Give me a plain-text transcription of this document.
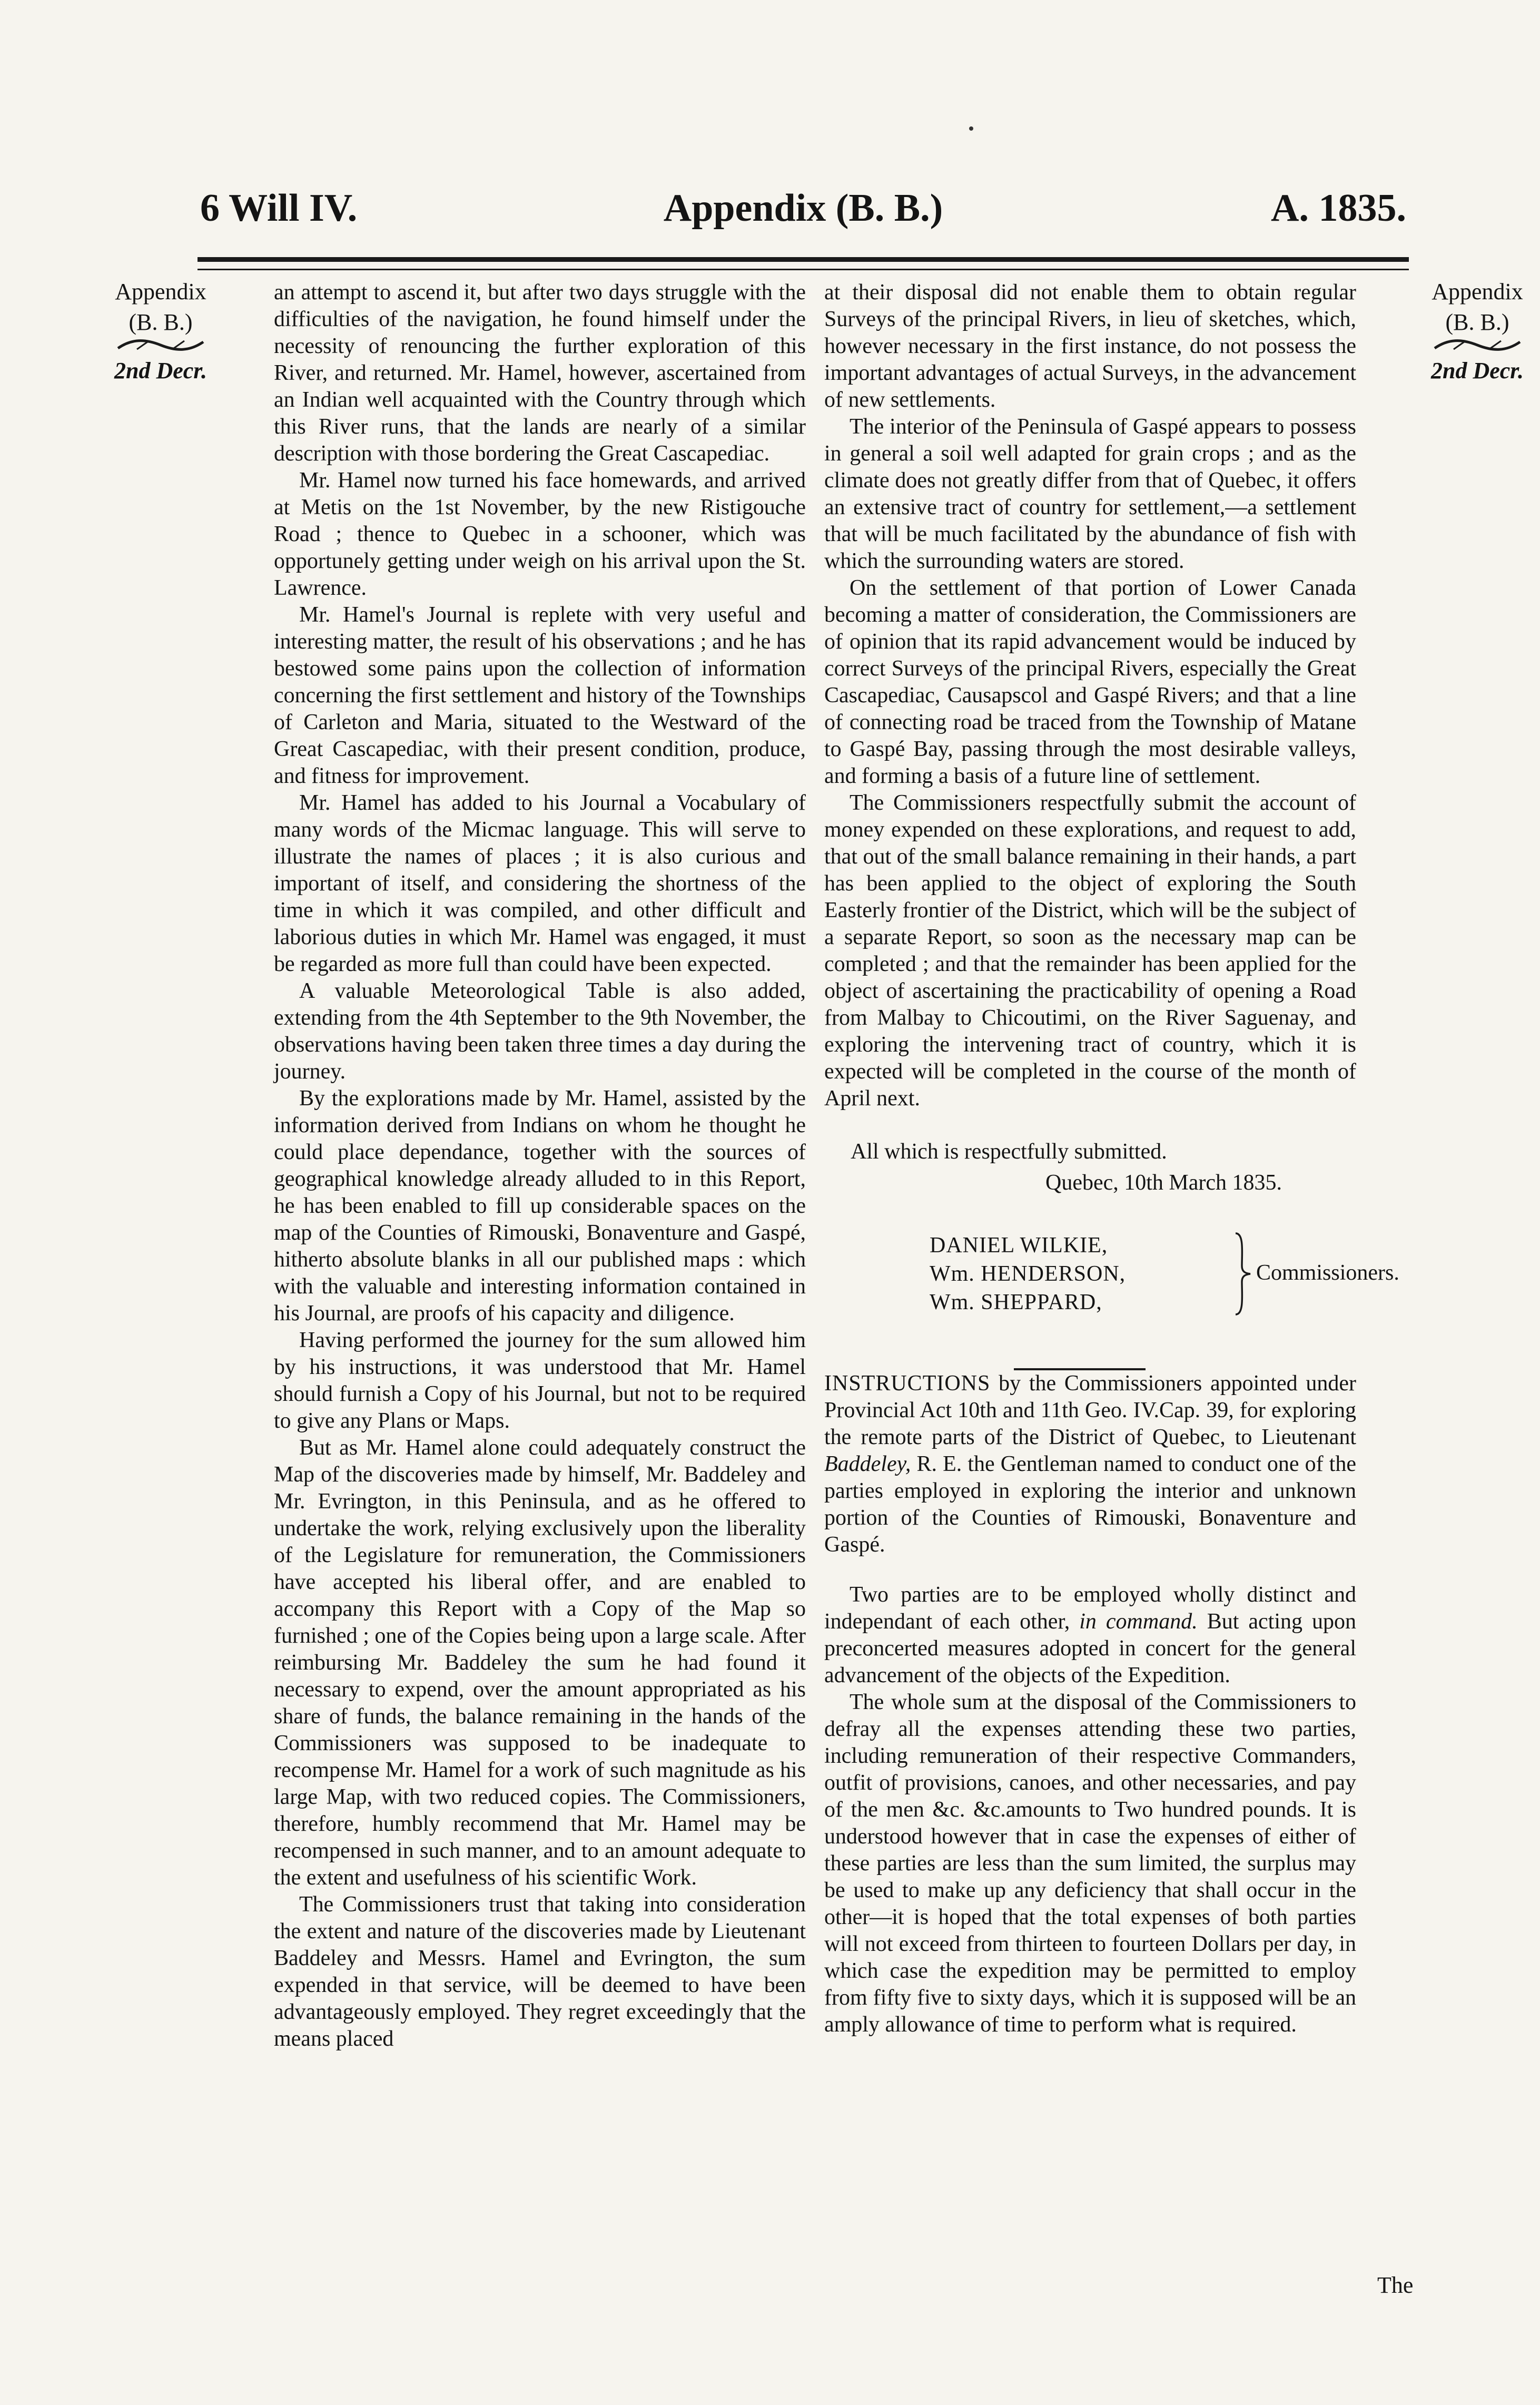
Appendix (B. B.)
6 Will IV.	A. 1835.
Appendix
(B. B.)
2nd Decr.
Appendix
(B. B.)
2nd Decr.

an attempt to ascend it, but after two days struggle with the difficulties of the navigation, he found himself under the necessity of renouncing the further exploration of this River, and returned. Mr. Hamel, however, ascertained from an Indian well acquainted with the Country through which this River runs, that the lands are nearly of a similar description with those bordering the Great Cascapediac.

Mr. Hamel now turned his face homewards, and arrived at Metis on the 1st November, by the new Ristigouche Road ; thence to Quebec in a schooner, which was opportunely getting under weigh on his arrival upon the St. Lawrence.

Mr. Hamel's Journal is replete with very useful and interesting matter, the result of his observations ; and he has bestowed some pains upon the collection of information concerning the first settlement and history of the Townships of Carleton and Maria, situated to the Westward of the Great Cascapediac, with their present condition, produce, and fitness for improvement.

Mr. Hamel has added to his Journal a Vocabulary of many words of the Micmac language. This will serve to illustrate the names of places ; it is also curious and important of itself, and considering the shortness of the time in which it was compiled, and other difficult and laborious duties in which Mr. Hamel was engaged, it must be regarded as more full than could have been expected.

A valuable Meteorological Table is also added, extending from the 4th September to the 9th November, the observations having been taken three times a day during the journey.

By the explorations made by Mr. Hamel, assisted by the information derived from Indians on whom he thought he could place dependance, together with the sources of geographical knowledge already alluded to in this Report, he has been enabled to fill up considerable spaces on the map of the Counties of Rimouski, Bonaventure and Gaspé, hitherto absolute blanks in all our published maps : which with the valuable and interesting information contained in his Journal, are proofs of his capacity and diligence.

Having performed the journey for the sum allowed him by his instructions, it was understood that Mr. Hamel should furnish a Copy of his Journal, but not to be required to give any Plans or Maps.

But as Mr. Hamel alone could adequately construct the Map of the discoveries made by himself, Mr. Baddeley and Mr. Evrington, in this Peninsula, and as he offered to undertake the work, relying exclusively upon the liberality of the Legislature for remuneration, the Commissioners have accepted his liberal offer, and are enabled to accompany this Report with a Copy of the Map so furnished ; one of the Copies being upon a large scale. After reimbursing Mr. Baddeley the sum he had found it necessary to expend, over the amount appropriated as his share of funds, the balance remaining in the hands of the Commissioners was supposed to be inadequate to recompense Mr. Hamel for a work of such magnitude as his large Map, with two reduced copies. The Commissioners, therefore, humbly recommend that Mr. Hamel may be recompensed in such manner, and to an amount adequate to the extent and usefulness of his scientific Work.

The Commissioners trust that taking into consideration the extent and nature of the discoveries made by Lieutenant Baddeley and Messrs. Hamel and Evrington, the sum expended in that service, will be deemed to have been advantageously employed. They regret exceedingly that the means placed

at their disposal did not enable them to obtain regular Surveys of the principal Rivers, in lieu of sketches, which, however necessary in the first instance, do not possess the important advantages of actual Surveys, in the advancement of new settlements.

The interior of the Peninsula of Gaspé appears to possess in general a soil well adapted for grain crops ; and as the climate does not greatly differ from that of Quebec, it offers an extensive tract of country for settlement,—a settlement that will be much facilitated by the abundance of fish with which the surrounding waters are stored.

On the settlement of that portion of Lower Canada becoming a matter of consideration, the Commissioners are of opinion that its rapid advancement would be induced by correct Surveys of the principal Rivers, especially the Great Cascapediac, Causapscol and Gaspé Rivers; and that a line of connecting road be traced from the Township of Matane to Gaspé Bay, passing through the most desirable valleys, and forming a basis of a future line of settlement.

The Commissioners respectfully submit the account of money expended on these explorations, and request to add, that out of the small balance remaining in their hands, a part has been applied to the object of exploring the South Easterly frontier of the District, which will be the subject of a separate Report, so soon as the necessary map can be completed ; and that the remainder has been applied for the object of ascertaining the practicability of opening a Road from Malbay to Chicoutimi, on the River Saguenay, and exploring the intervening tract of country, which it is expected will be completed in the course of the month of April next.

All which is respectfully submitted.
Quebec, 10th March 1835.
DANIEL WILKIE,
Wm. HENDERSON,
Wm. SHEPPARD,
Commissioners.

INSTRUCTIONS by the Commissioners appointed under Provincial Act 10th and 11th Geo. IV.Cap. 39, for exploring the remote parts of the District of Quebec, to Lieutenant Baddeley, R. E. the Gentleman named to conduct one of the parties employed in exploring the interior and unknown portion of the Counties of Rimouski, Bonaventure and Gaspé.

Two parties are to be employed wholly distinct and independant of each other, in command. But acting upon preconcerted measures adopted in concert for the general advancement of the objects of the Expedition.

The whole sum at the disposal of the Commissioners to defray all the expenses attending these two parties, including remuneration of their respective Commanders, outfit of provisions, canoes, and other necessaries, and pay of the men &c. &c.amounts to Two hundred pounds. It is understood however that in case the expenses of either of these parties are less than the sum limited, the surplus may be used to make up any deficiency that shall occur in the other—it is hoped that the total expenses of both parties will not exceed from thirteen to fourteen Dollars per day, in which case the expedition may be permitted to employ from fifty five to sixty days, which it is supposed will be an amply allowance of time to perform what is required.

The
